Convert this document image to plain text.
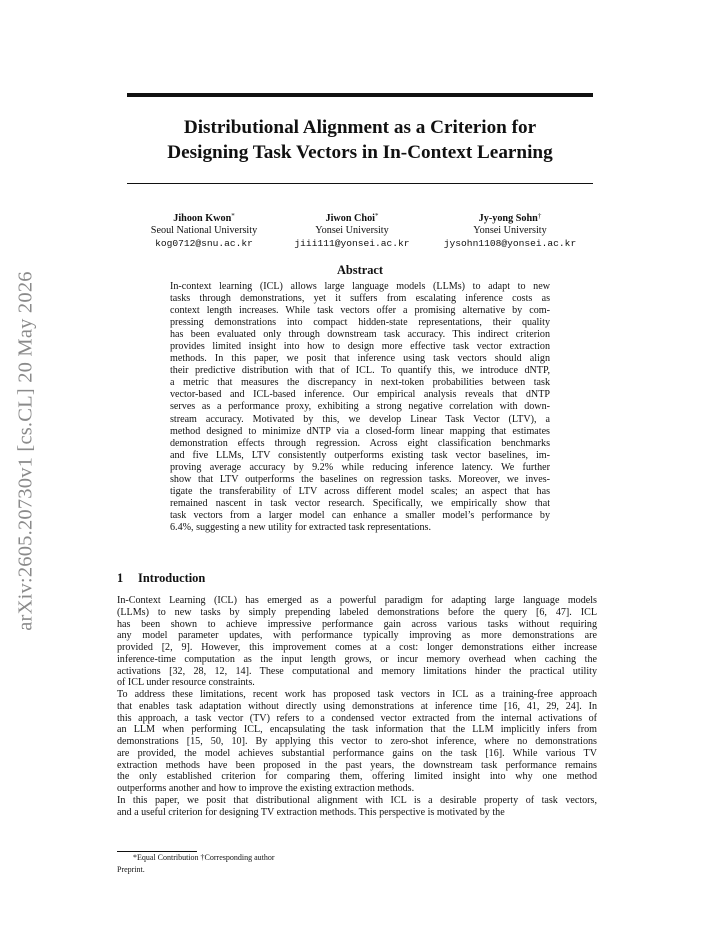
arXiv:2605.20730v1 [cs.CL] 20 May 2026
Distributional Alignment as a Criterion for
Designing Task Vectors in In-Context Learning
Jihoon Kwon*
Seoul National University
kog0712@snu.ac.kr
Jiwon Choi*
Yonsei University
jiii111@yonsei.ac.kr
Jy-yong Sohn†
Yonsei University
jysohn1108@yonsei.ac.kr
Abstract
In-context learning (ICL) allows large language models (LLMs) to adapt to new
tasks through demonstrations, yet it suffers from escalating inference costs as
context length increases. While task vectors offer a promising alternative by com-
pressing demonstrations into compact hidden-state representations, their quality
has been evaluated only through downstream task accuracy. This indirect criterion
provides limited insight into how to design more effective task vector extraction
methods. In this paper, we posit that inference using task vectors should align
their predictive distribution with that of ICL. To quantify this, we introduce dNTP,
a metric that measures the discrepancy in next-token probabilities between task
vector-based and ICL-based inference. Our empirical analysis reveals that dNTP
serves as a performance proxy, exhibiting a strong negative correlation with down-
stream accuracy. Motivated by this, we develop Linear Task Vector (LTV), a
method designed to minimize dNTP via a closed-form linear mapping that estimates
demonstration effects through regression. Across eight classification benchmarks
and five LLMs, LTV consistently outperforms existing task vector baselines, im-
proving average accuracy by 9.2% while reducing inference latency. We further
show that LTV outperforms the baselines on regression tasks. Moreover, we inves-
tigate the transferability of LTV across different model scales; an aspect that has
remained nascent in task vector research. Specifically, we empirically show that
task vectors from a larger model can enhance a smaller model’s performance by
6.4%, suggesting a new utility for extracted task representations.
1 Introduction
In-Context Learning (ICL) has emerged as a powerful paradigm for adapting large language models
(LLMs) to new tasks by simply prepending labeled demonstrations before the query [6, 47]. ICL
has been shown to achieve impressive performance gain across various tasks without requiring
any model parameter updates, with performance typically improving as more demonstrations are
provided [2, 9]. However, this improvement comes at a cost: longer demonstrations either increase
inference-time computation as the input length grows, or incur memory overhead when caching the
activations [32, 28, 12, 14]. These computational and memory limitations hinder the practical utility
of ICL under resource constraints.
To address these limitations, recent work has proposed task vectors in ICL as a training-free approach
that enables task adaptation without directly using demonstrations at inference time [16, 41, 29, 24]. In
this approach, a task vector (TV) refers to a condensed vector extracted from the internal activations of
an LLM when performing ICL, encapsulating the task information that the LLM implicitly infers from
demonstrations [15, 50, 10]. By applying this vector to zero-shot inference, where no demonstrations
are provided, the model achieves substantial performance gains on the task [16]. While various TV
extraction methods have been proposed in the past years, the downstream task performance remains
the only established criterion for comparing them, offering limited insight into why one method
outperforms another and how to improve the existing extraction methods.
In this paper, we posit that distributional alignment with ICL is a desirable property of task vectors,
and a useful criterion for designing TV extraction methods. This perspective is motivated by the
*Equal Contribution †Corresponding author
Preprint.
